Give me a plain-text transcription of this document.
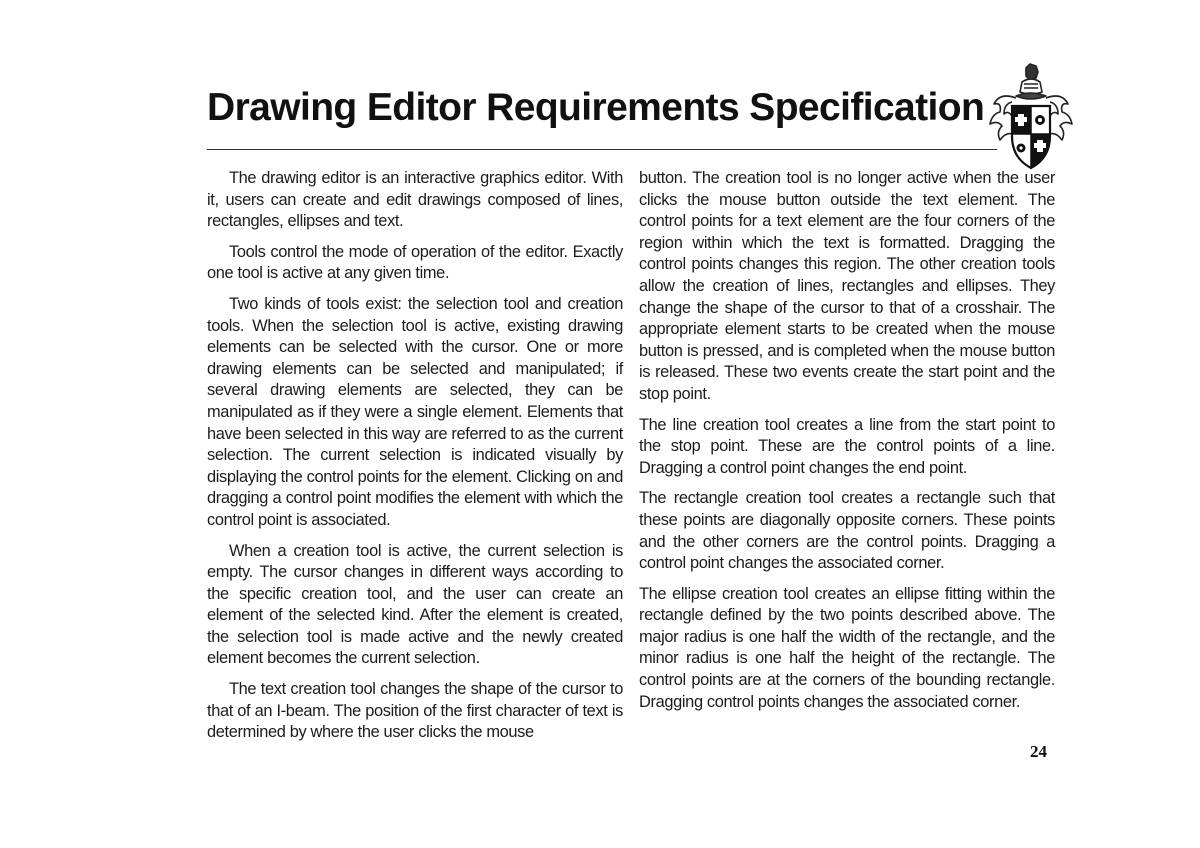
Drawing Editor Requirements Specification

The drawing editor is an interactive graphics editor. With it, users can create and edit drawings composed of lines, rectangles, ellipses and text.

Tools control the mode of operation of the editor. Exactly one tool is active at any given time.

Two kinds of tools exist: the selection tool and creation tools. When the selection tool is active, existing drawing elements can be selected with the cursor. One or more drawing elements can be selected and manipulated; if several drawing elements are selected, they can be manipulated as if they were a single element. Elements that have been selected in this way are referred to as the current selection. The current selection is indicated visually by displaying the control points for the element. Clicking on and dragging a control point modifies the element with which the control point is associated.

When a creation tool is active, the current selection is empty. The cursor changes in different ways according to the specific creation tool, and the user can create an element of the selected kind. After the element is created, the selection tool is made active and the newly created element becomes the current selection.

The text creation tool changes the shape of the cursor to that of an I-beam. The position of the first character of text is determined by where the user clicks the mouse

button. The creation tool is no longer active when the user clicks the mouse button outside the text element. The control points for a text element are the four corners of the region within which the text is formatted. Dragging the control points changes this region. The other creation tools allow the creation of lines, rectangles and ellipses. They change the shape of the cursor to that of a crosshair. The appropriate element starts to be created when the mouse button is pressed, and is completed when the mouse button is released. These two events create the start point and the stop point.

The line creation tool creates a line from the start point to the stop point. These are the control points of a line. Dragging a control point changes the end point.

The rectangle creation tool creates a rectangle such that these points are diagonally opposite corners. These points and the other corners are the control points. Dragging a control point changes the associated corner.

The ellipse creation tool creates an ellipse fitting within the rectangle defined by the two points described above. The major radius is one half the width of the rectangle, and the minor radius is one half the height of the rectangle. The control points are at the corners of the bounding rectangle. Dragging control points changes the associated corner.

24
